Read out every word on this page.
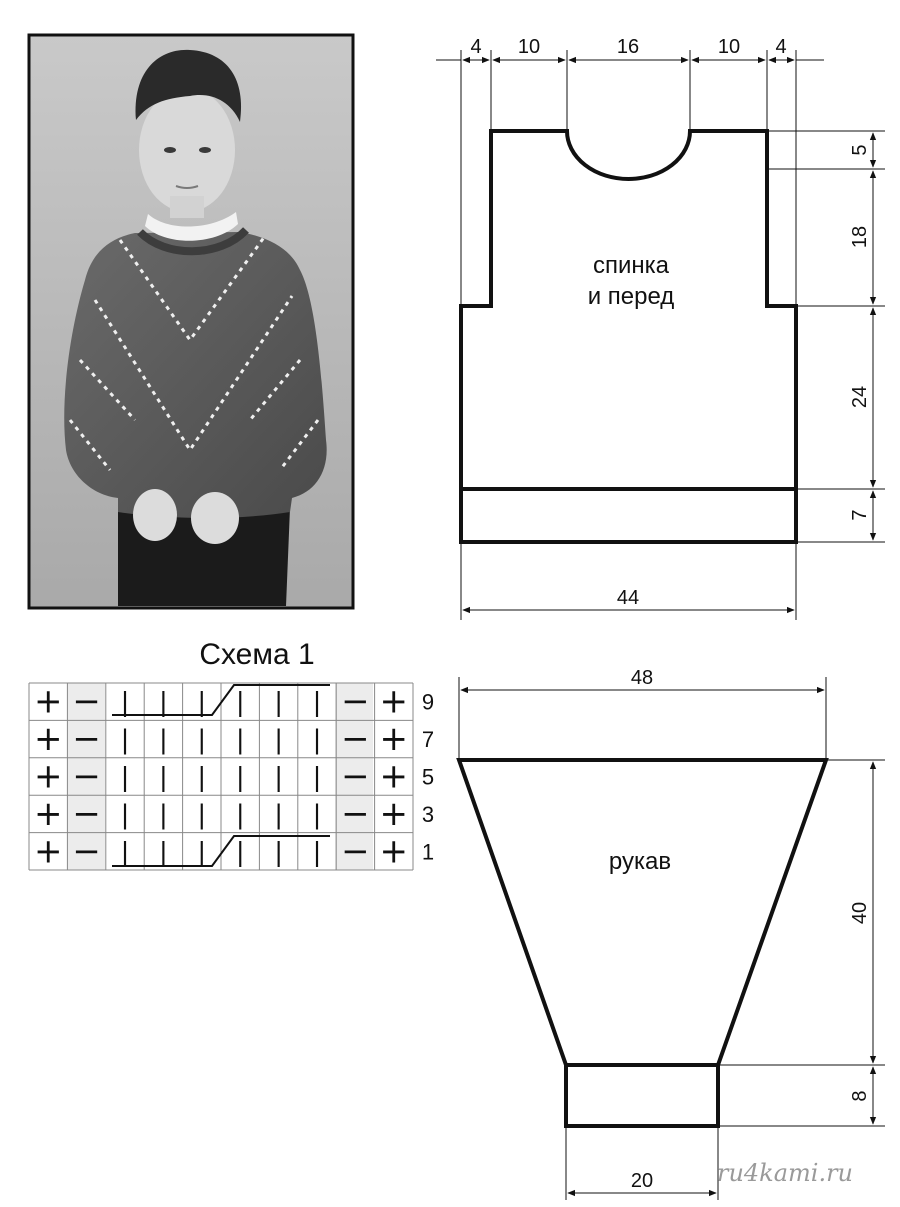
4 10	16	10 4
5
18
24
7
44
спинка
и перед
48
40
8
20
рукав
Схема 1
+ − | | | | | | − +
+ − | | | | | | − +
+ − | | | | | | − +
+ − | | | | | | − +
+ − | | | | | | − +
9
7
5
3
1
ru4kami.ru
